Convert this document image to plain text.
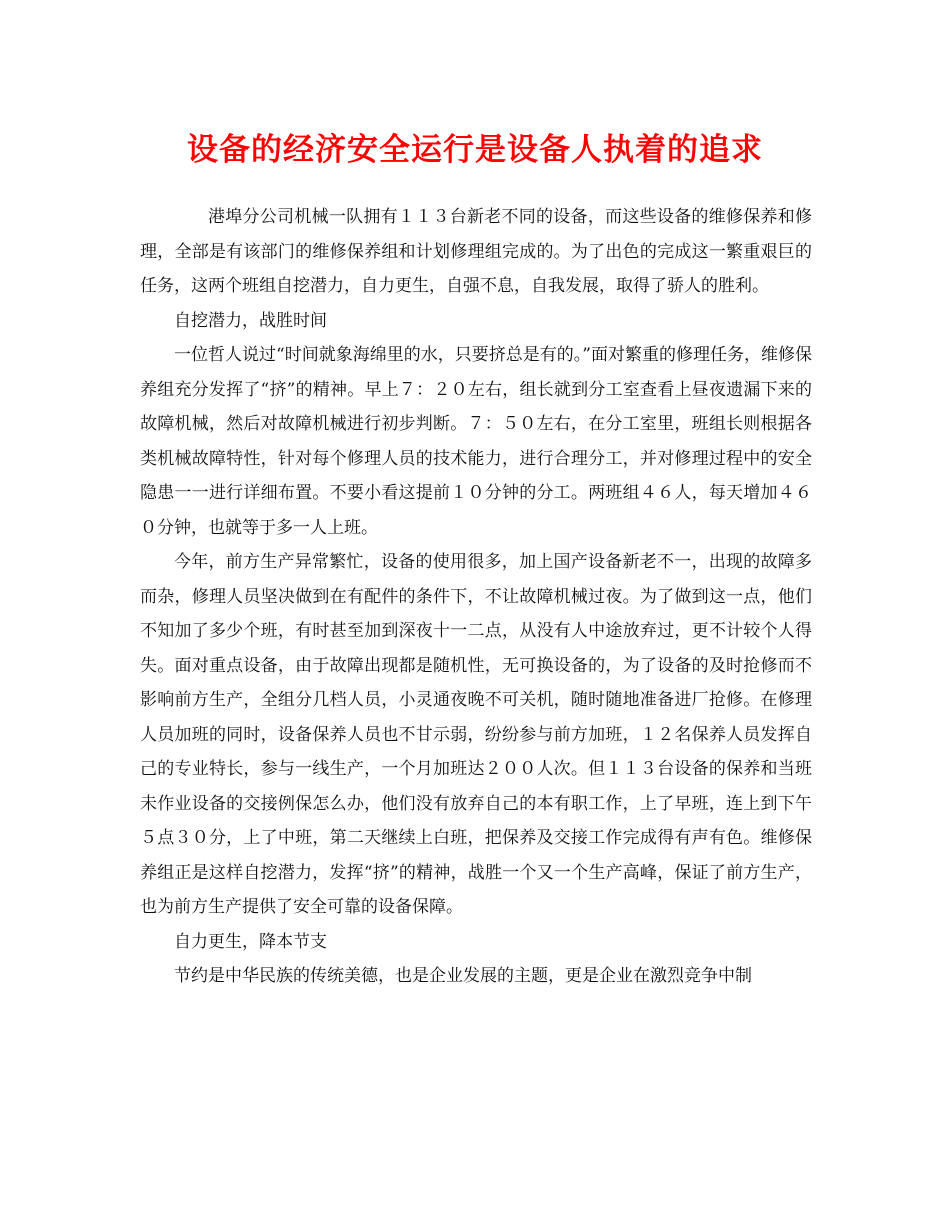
设备的经济安全运行是设备人执着的追求

港埠分公司机械一队拥有１１３台新老不同的设备，而这些设备的维修保养和修理，全部是有该部门的维修保养组和计划修理组完成的。为了出色的完成这一繁重艰巨的任务，这两个班组自挖潜力，自力更生，自强不息，自我发展，取得了骄人的胜利。

自挖潜力，战胜时间

一位哲人说过“时间就象海绵里的水，只要挤总是有的。”面对繁重的修理任务，维修保养组充分发挥了“挤”的精神。早上７：２０左右，组长就到分工室查看上昼夜遗漏下来的故障机械，然后对故障机械进行初步判断。７：５０左右，在分工室里，班组长则根据各类机械故障特性，针对每个修理人员的技术能力，进行合理分工，并对修理过程中的安全隐患一一进行详细布置。不要小看这提前１０分钟的分工。两班组４６人，每天增加４６０分钟，也就等于多一人上班。

今年，前方生产异常繁忙，设备的使用很多，加上国产设备新老不一，出现的故障多而杂，修理人员坚决做到在有配件的条件下，不让故障机械过夜。为了做到这一点，他们不知加了多少个班，有时甚至加到深夜十一二点，从没有人中途放弃过，更不计较个人得失。面对重点设备，由于故障出现都是随机性，无可换设备的，为了设备的及时抢修而不影响前方生产，全组分几档人员，小灵通夜晚不可关机，随时随地准备进厂抢修。在修理人员加班的同时，设备保养人员也不甘示弱，纷纷参与前方加班，１２名保养人员发挥自己的专业特长，参与一线生产，一个月加班达２００人次。但１１３台设备的保养和当班未作业设备的交接例保怎么办，他们没有放弃自己的本有职工作，上了早班，连上到下午５点３０分，上了中班，第二天继续上白班，把保养及交接工作完成得有声有色。维修保养组正是这样自挖潜力，发挥“挤”的精神，战胜一个又一个生产高峰，保证了前方生产，也为前方生产提供了安全可靠的设备保障。

自力更生，降本节支

节约是中华民族的传统美德，也是企业发展的主题，更是企业在激烈竞争中制
